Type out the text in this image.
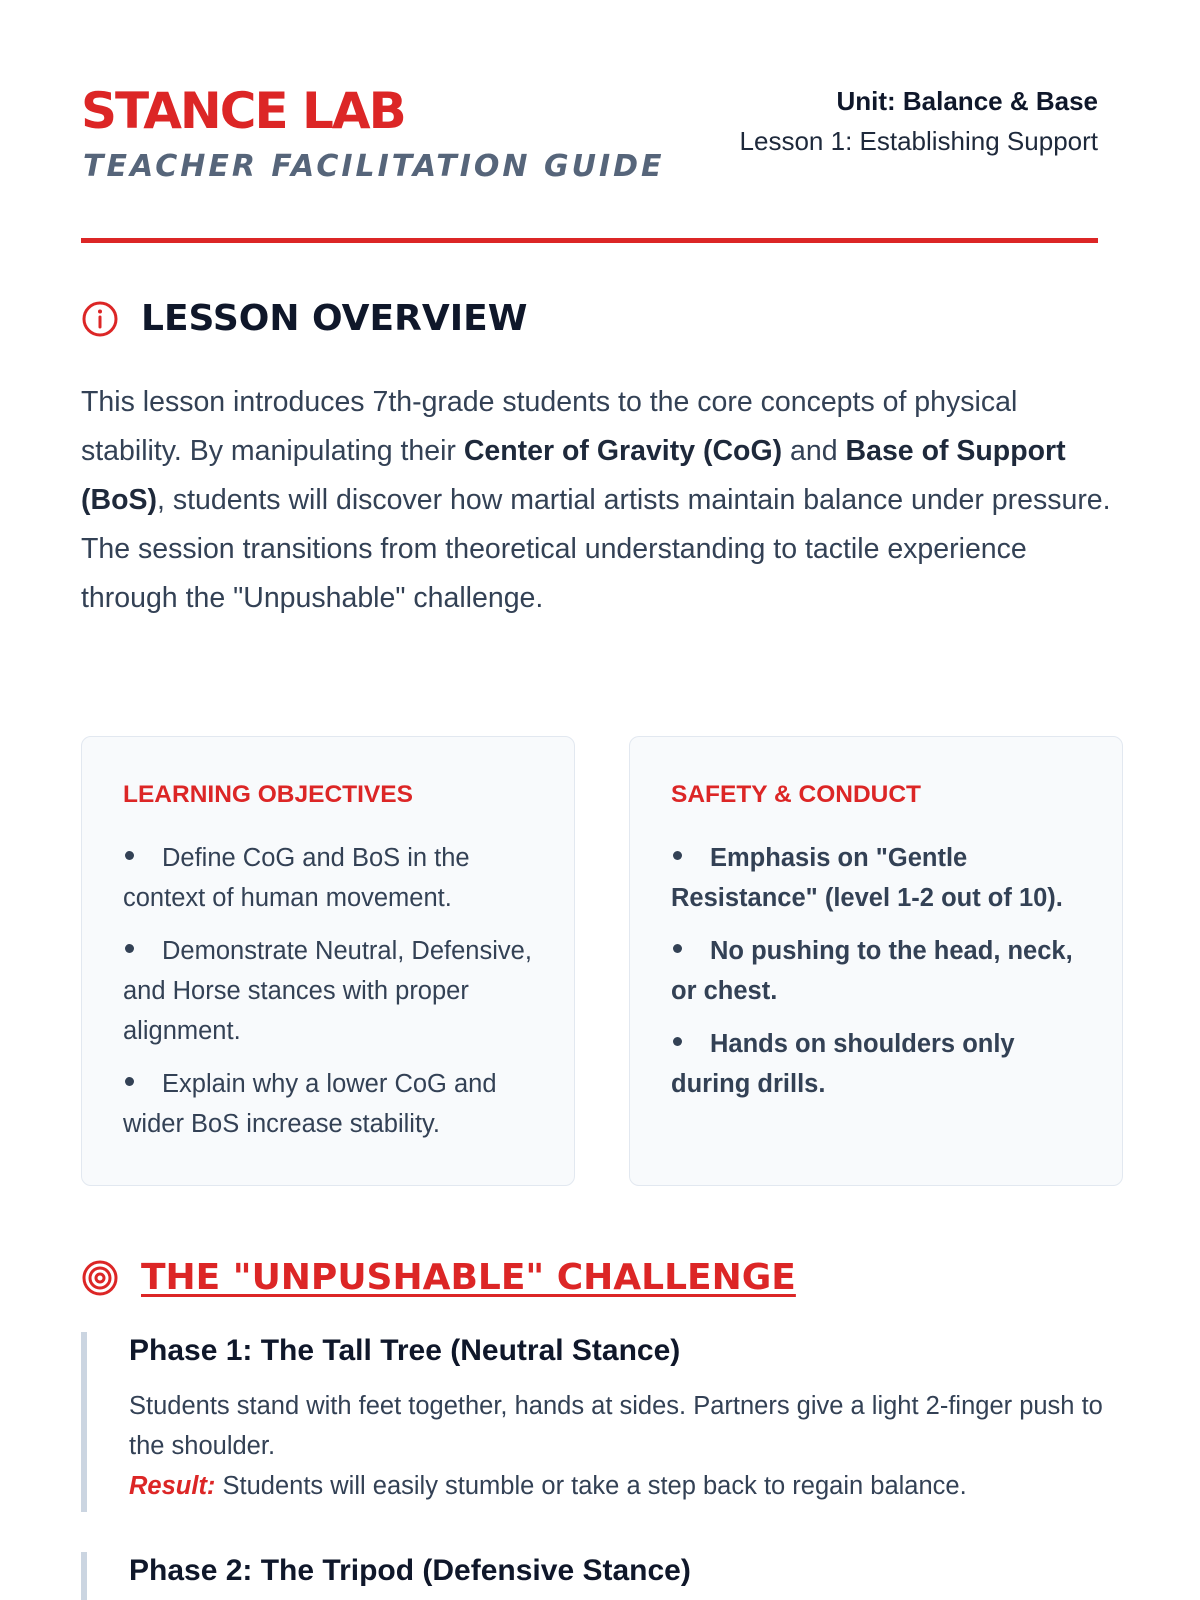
STANCE LAB
TEACHER FACILITATION GUIDE
Unit: Balance & Base
Lesson 1: Establishing Support
LESSON OVERVIEW
This lesson introduces 7th-grade students to the core concepts of physical stability. By manipulating their Center of Gravity (CoG) and Base of Support (BoS), students will discover how martial artists maintain balance under pressure. The session transitions from theoretical understanding to tactile experience through the "Unpushable" challenge.
LEARNING OBJECTIVES
Define CoG and BoS in the context of human movement.
Demonstrate Neutral, Defensive, and Horse stances with proper alignment.
Explain why a lower CoG and wider BoS increase stability.
SAFETY & CONDUCT
Emphasis on "Gentle Resistance" (level 1-2 out of 10).
No pushing to the head, neck, or chest.
Hands on shoulders only during drills.
THE "UNPUSHABLE" CHALLENGE
Phase 1: The Tall Tree (Neutral Stance)

Students stand with feet together, hands at sides. Partners give a light 2-finger push to the shoulder.
Result: Students will easily stumble or take a step back to regain balance.

Phase 2: The Tripod (Defensive Stance)
